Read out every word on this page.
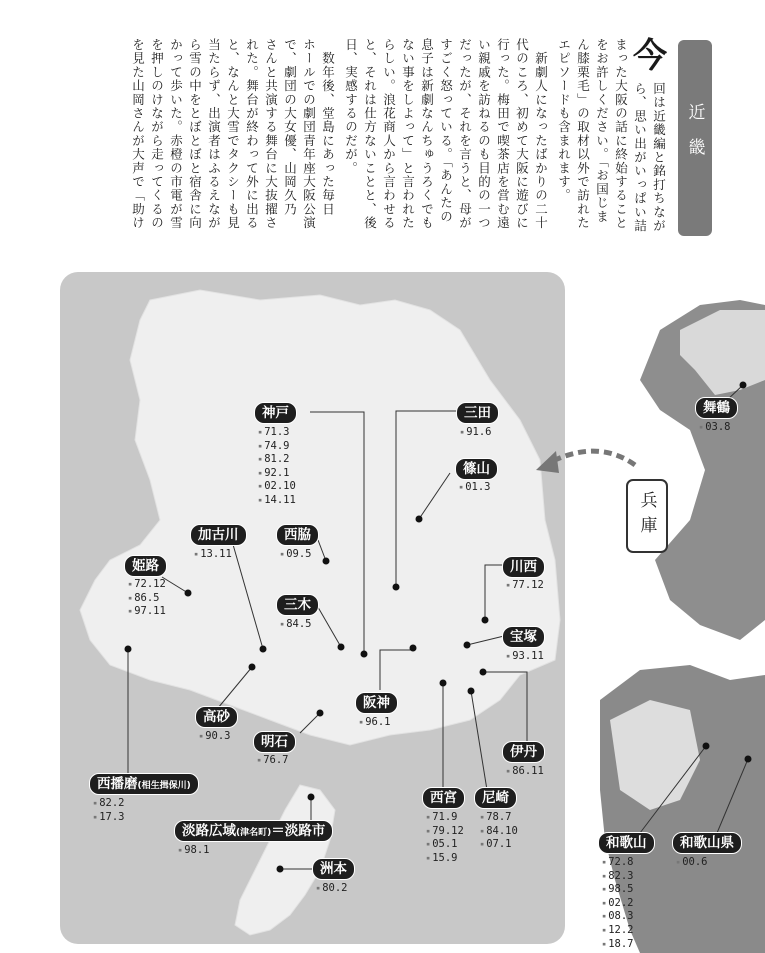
近畿
今
回は近畿編と銘打ちなが
ら、思い出がいっぱい詰
まった大阪の話に終始すること
をお許しください。「お国じま
ん膝栗毛」の取材以外で訪れた
エピソードも含まれます。
　新劇人になったばかりの二十
代のころ、初めて大阪に遊びに
行った。梅田で喫茶店を営む遠
い親戚を訪ねるのも目的の一つ
だったが、それを言うと、母が
すごく怒っている。「あんたの
息子は新劇なんちゅうろくでも
ない事をしよって」と言われた
らしい。浪花商人から言わせる
と、それは仕方ないことと、後
日、実感するのだが。
　数年後、堂島にあった毎日
ホールでの劇団青年座大阪公演
で、劇団の大女優、山岡久乃
さんと共演する舞台に大抜擢さ
れた。舞台が終わって外に出る
と、なんと大雪でタクシーも見
当たらず、出演者はふるえなが
ら雪の中をとぼとぼと宿舎に向
かって歩いた。赤橙の市電が雪
を押しのけながら走ってくるの
を見た山岡さんが大声で「助け
兵庫
神戸
▪ 71.3
▪ 74.9
▪ 81.2
▪ 92.1
▪ 02.10
▪ 14.11
三田
▪ 91.6
篠山
▪ 01.3
加古川
▪ 13.11
西脇
▪ 09.5
姫路
▪ 72.12
▪ 86.5
▪ 97.11	三木
▪ 84.5
川西
▪ 77.12
宝塚
▪ 93.11
阪神
▪ 96.1
高砂
▪ 90.3	明石
▪ 76.7	伊丹
▪ 86.11
西播磨(相生揖保川)
▪ 82.2
▪ 17.3
西宮
▪ 71.9
▪ 79.12
▪ 05.1
▪ 15.9
尼崎
▪ 78.7
▪ 84.10
▪ 07.1
淡路広域(津名町)＝淡路市
▪ 98.1
洲本
▪ 80.2
舞鶴
▪ 03.8
和歌山
▪ 72.8
▪ 82.3
▪ 98.5
▪ 02.2
▪ 08.3
▪ 12.2
▪ 18.7
和歌山県
▪ 00.6
